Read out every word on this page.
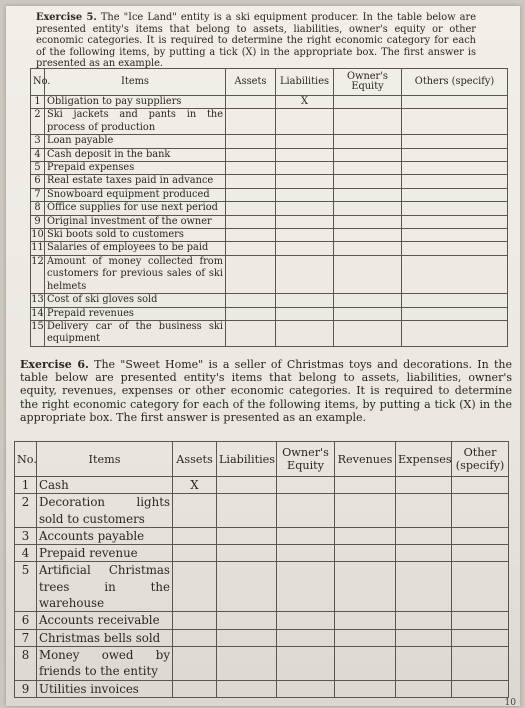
Exercise 5. The "Ice Land" entity is a ski equipment producer. In the table below are presented entity's items that belong to assets, liabilities, owner's equity or other economic categories. It is required to determine the right economic category for each of the following items, by putting a tick (X) in the appropriate box. The first answer is presented as an example.
No.	Items	Assets	Liabilities	Owner's Equity	Others (specify)
1	Obligation to pay suppliers		X		
2	Ski jackets and pants in the process of production				
3	Loan payable				
4	Cash deposit in the bank				
5	Prepaid expenses				
6	Real estate taxes paid in advance				
7	Snowboard equipment produced				
8	Office supplies for use next period				
9	Original investment of the owner				
10	Ski boots sold to customers				
11	Salaries of employees to be paid				
12	Amount of money collected from customers for previous sales of ski helmets				
13	Cost of ski gloves sold				
14	Prepaid revenues				
15	Delivery car of the business ski equipment				
Exercise 6. The "Sweet Home" is a seller of Christmas toys and decorations. In the table below are presented entity's items that belong to assets, liabilities, owner's equity, revenues, expenses or other economic categories. It is required to determine the right economic category for each of the following items, by putting a tick (X) in the appropriate box. The first answer is presented as an example.
No.	Items	Assets	Liabilities	Owner's Equity	Revenues	Expenses	Other (specify)
1	Cash	X					
2	Decoration lights sold to customers						
3	Accounts payable						
4	Prepaid revenue						
5	Artificial Christmas trees in the warehouse						
6	Accounts receivable						
7	Christmas bells sold						
8	Money owed by friends to the entity						
9	Utilities invoices						
10
